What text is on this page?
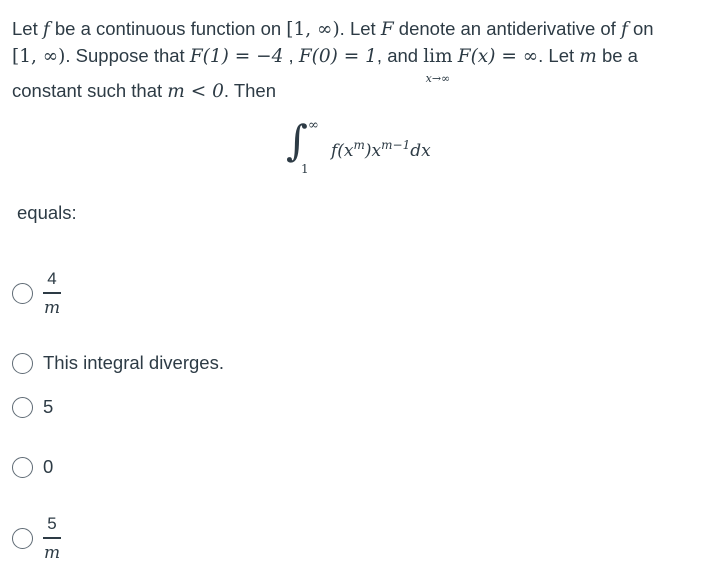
Let f be a continuous function on [1, ∞). Let F denote an antiderivative of f on
[1, ∞). Suppose that F(1) = −4 , F(0) = 1, and lim
x→∞
F(x) = ∞. Let m be a
constant such that m < 0. Then
∫ ∞
1
$f(x^m)x^{m-1}dx$
equals:
$\frac{4}{m}$
This integral diverges.
5
0
$\frac{5}{m}$
